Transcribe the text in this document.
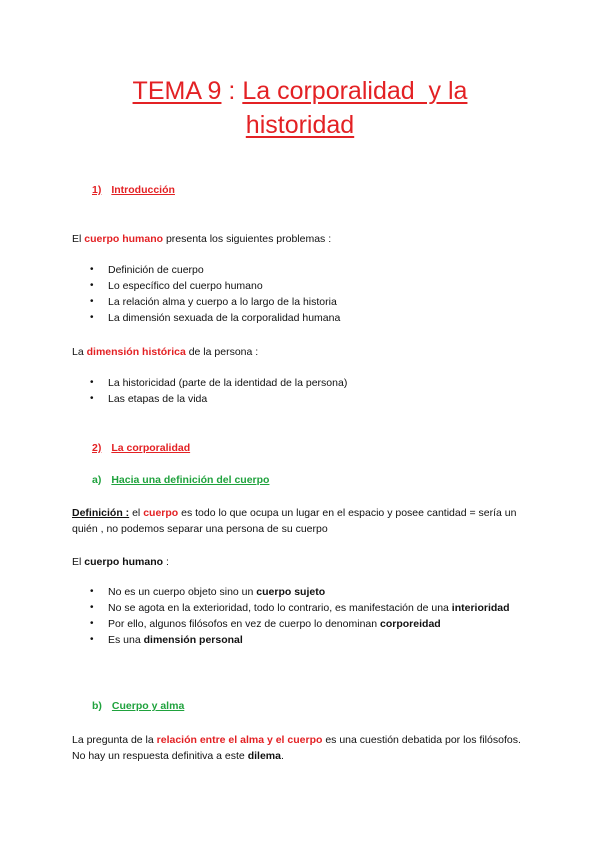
TEMA 9 : La corporalidad  y la
historidad
1) Introducción
El cuerpo humano presenta los siguientes problemas :
• Definición de cuerpo
• Lo específico del cuerpo humano
• La relación alma y cuerpo a lo largo de la historia
• La dimensión sexuada de la corporalidad humana
La dimensión histórica de la persona :
• La historicidad (parte de la identidad de la persona)
• Las etapas de la vida
2) La corporalidad
a) Hacia una definición del cuerpo
Definición : el cuerpo es todo lo que ocupa un lugar en el espacio y posee cantidad = sería un quién , no podemos separar una persona de su cuerpo
El cuerpo humano :
• No es un cuerpo objeto sino un cuerpo sujeto
• No se agota en la exterioridad, todo lo contrario, es manifestación de una interioridad
• Por ello, algunos filósofos en vez de cuerpo lo denominan corporeidad
• Es una dimensión personal
b) Cuerpo y alma
La pregunta de la relación entre el alma y el cuerpo es una cuestión debatida por los filósofos. No hay un respuesta definitiva a este dilema.
